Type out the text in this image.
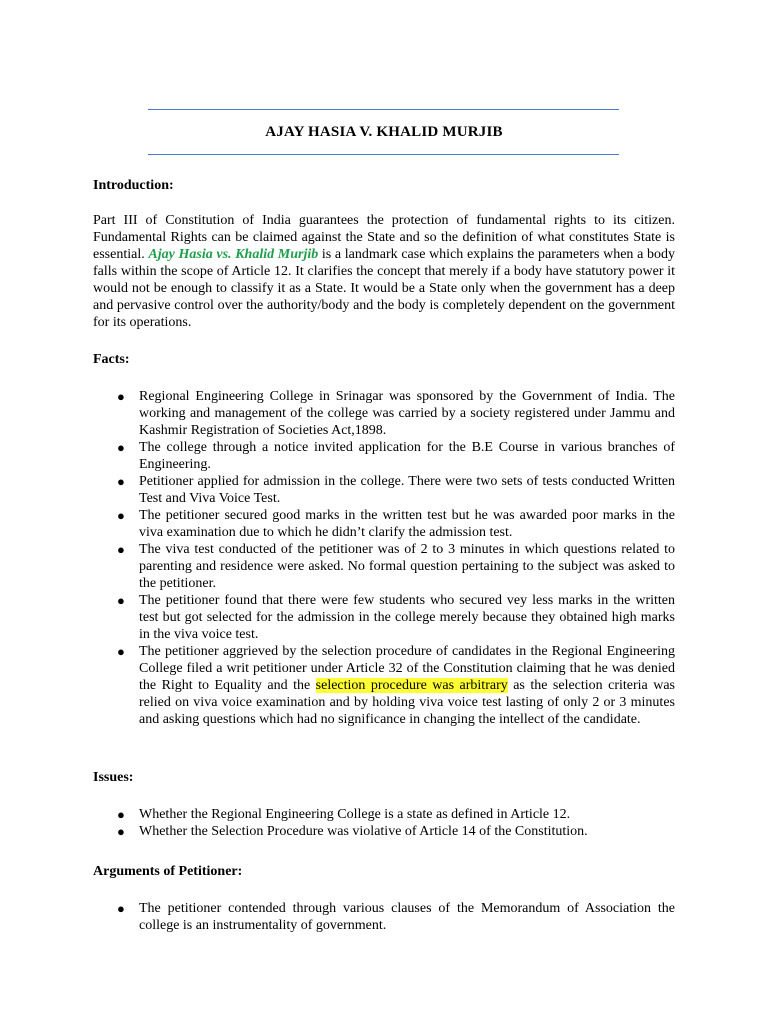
AJAY HASIA V. KHALID MURJIB
Introduction:
Part III of Constitution of India guarantees the protection of fundamental rights to its citizen. Fundamental Rights can be claimed against the State and so the definition of what constitutes State is essential. Ajay Hasia vs. Khalid Murjib is a landmark case which explains the parameters when a body falls within the scope of Article 12. It clarifies the concept that merely if a body have statutory power it would not be enough to classify it as a State. It would be a State only when the government has a deep and pervasive control over the authority/body and the body is completely dependent on the government for its operations.
Facts:
● Regional Engineering College in Srinagar was sponsored by the Government of India. The working and management of the college was carried by a society registered under Jammu and Kashmir Registration of Societies Act,1898.
● The college through a notice invited application for the B.E Course in various branches of Engineering.
● Petitioner applied for admission in the college. There were two sets of tests conducted Written Test and Viva Voice Test.
● The petitioner secured good marks in the written test but he was awarded poor marks in the viva examination due to which he didn’t clarify the admission test.
● The viva test conducted of the petitioner was of 2 to 3 minutes in which questions related to parenting and residence were asked. No formal question pertaining to the subject was asked to the petitioner.
● The petitioner found that there were few students who secured vey less marks in the written test but got selected for the admission in the college merely because they obtained high marks in the viva voice test.
● The petitioner aggrieved by the selection procedure of candidates in the Regional Engineering College filed a writ petitioner under Article 32 of the Constitution claiming that he was denied the Right to Equality and the selection procedure was arbitrary as the selection criteria was relied on viva voice examination and by holding viva voice test lasting of only 2 or 3 minutes and asking questions which had no significance in changing the intellect of the candidate.
Issues:
● Whether the Regional Engineering College is a state as defined in Article 12.
● Whether the Selection Procedure was violative of Article 14 of the Constitution.
Arguments of Petitioner:
● The petitioner contended through various clauses of the Memorandum of Association the college is an instrumentality of government.
